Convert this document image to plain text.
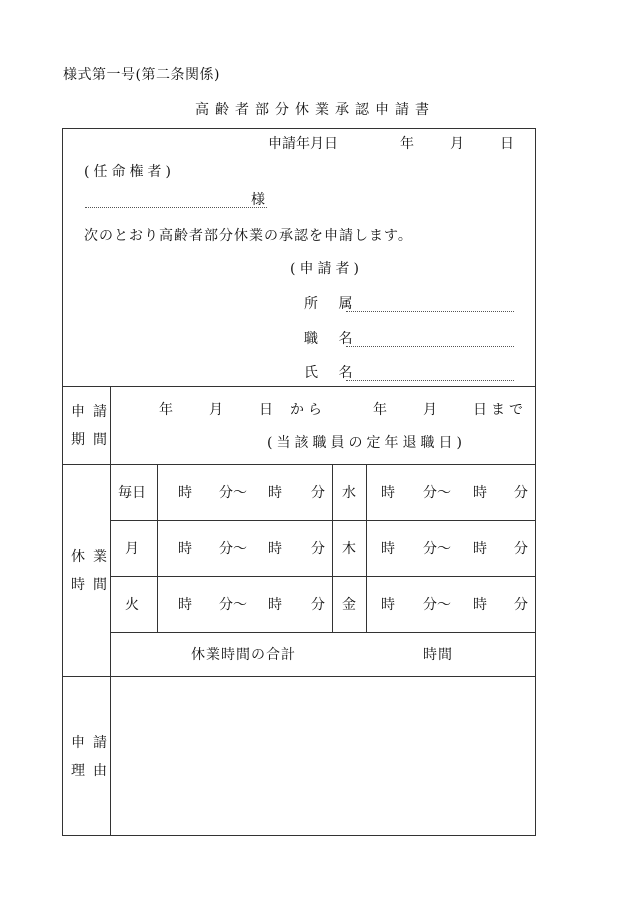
様式第一号(第二条関係)
高齢者部分休業承認申請書
申請年月日	年	月	日
(任命権者)
様
次のとおり高齢者部分休業の承認を申請します。
(申請者)
所 属
職 名
氏 名
申請
期間
年	月	日 から	年	月	日まで
(当該職員の定年退職日)
休業
時間
毎日 時 分〜 時 分 水 時 分〜 時 分
月	時 分〜 時 分 木 時 分〜 時 分
火	時 分〜 時 分 金 時 分〜 時 分
休業時間の合計	時間
申請
理由
